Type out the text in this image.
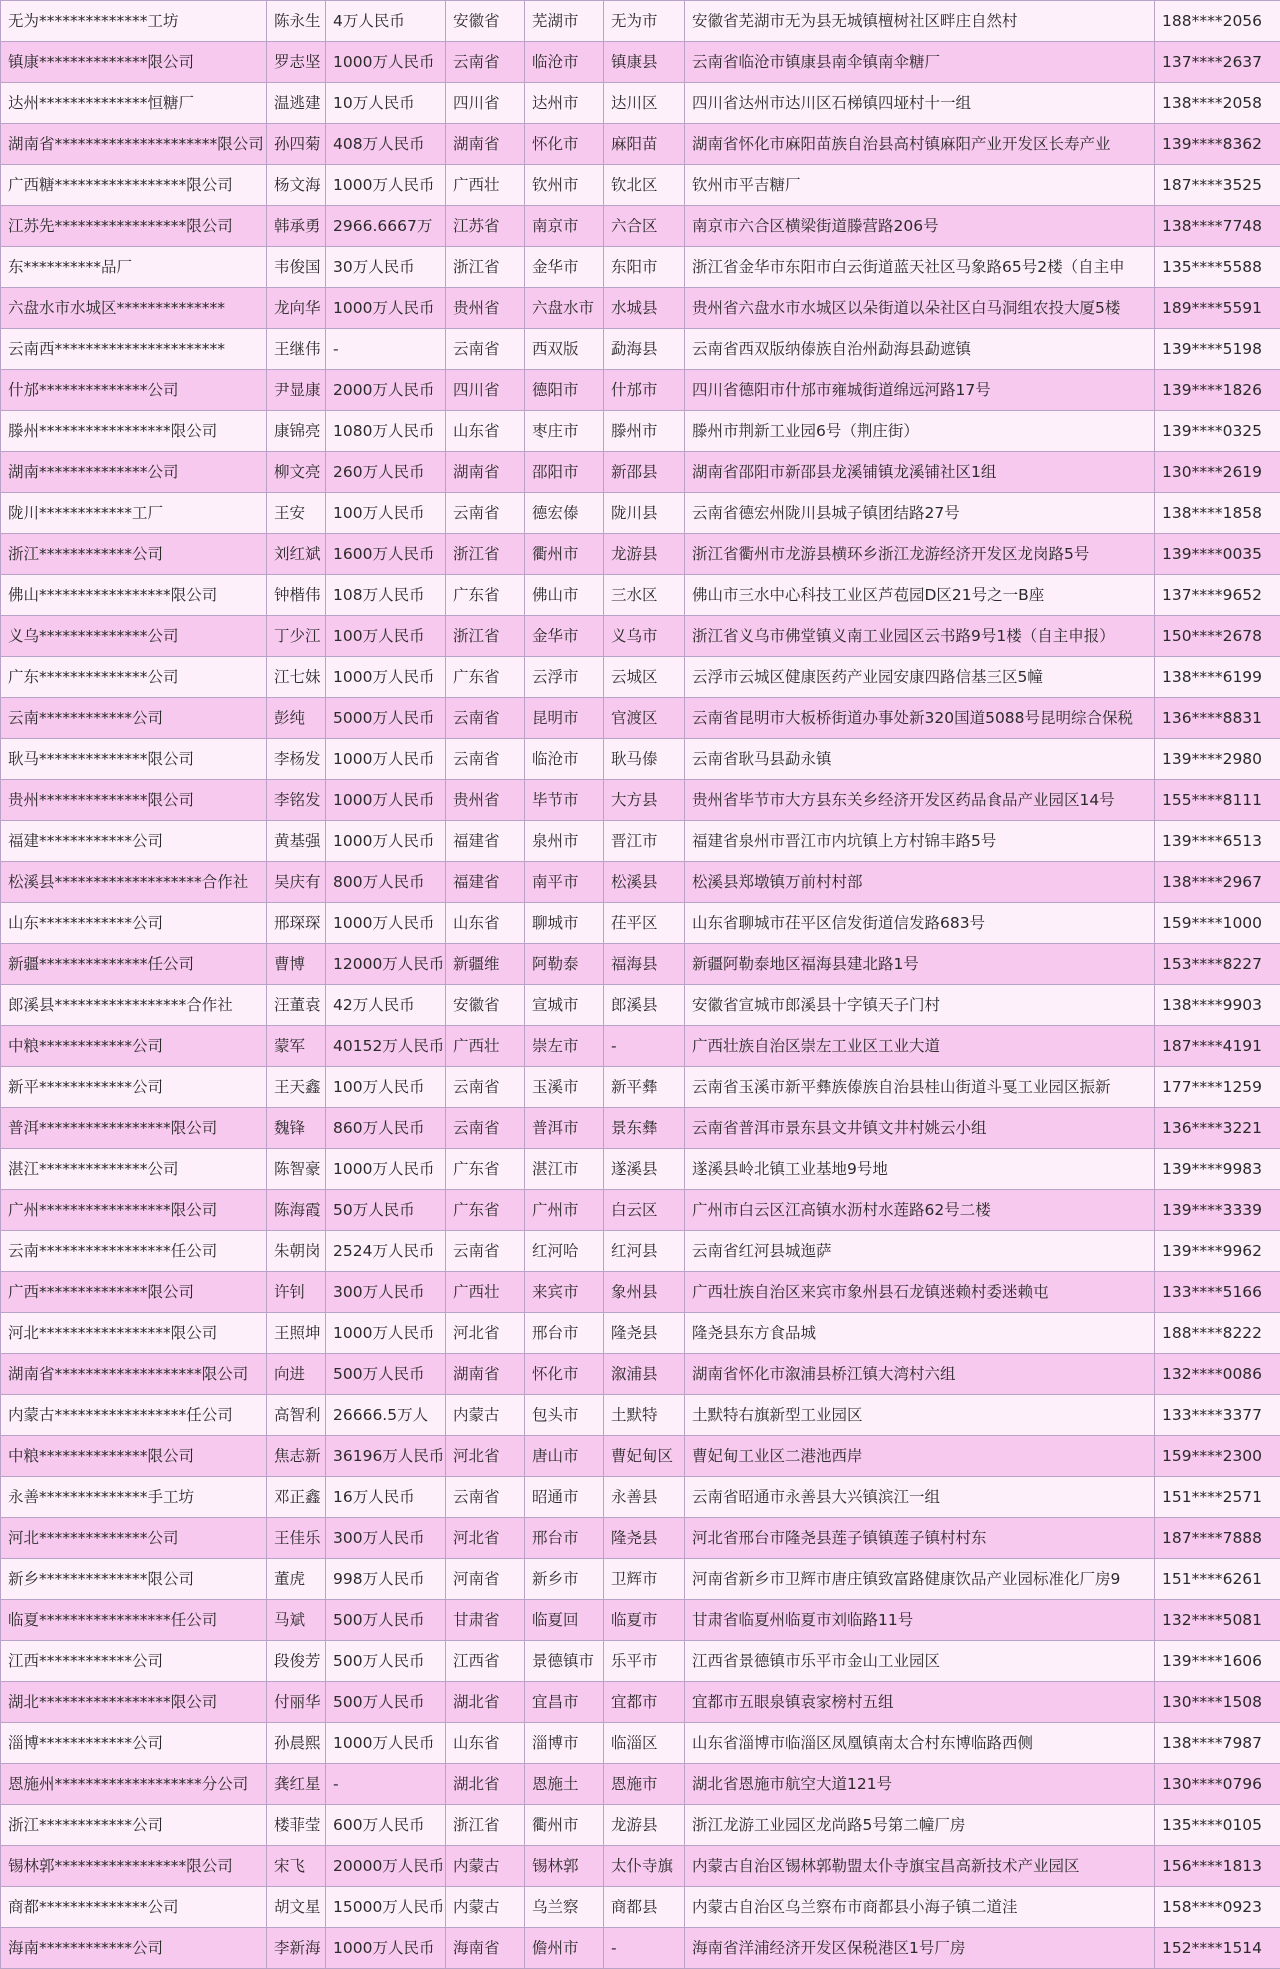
无为**************工坊	陈永生	4万人民币	安徽省	芜湖市	无为市	安徽省芜湖市无为县无城镇檀树社区畔庄自然村	188****2056
镇康**************限公司	罗志坚	1000万人民币	云南省	临沧市	镇康县	云南省临沧市镇康县南伞镇南伞糖厂	137****2637
达州**************恒糖厂	温逃建	10万人民币	四川省	达州市	达川区	四川省达州市达川区石梯镇四垭村十一组	138****2058
湖南省*********************限公司	孙四菊	408万人民币	湖南省	怀化市	麻阳苗	湖南省怀化市麻阳苗族自治县高村镇麻阳产业开发区长寿产业	139****8362
广西糖*****************限公司	杨文海	1000万人民币	广西壮	钦州市	钦北区	钦州市平吉糖厂	187****3525
江苏先*****************限公司	韩承勇	2966.6667万	江苏省	南京市	六合区	南京市六合区横梁街道滕营路206号	138****7748
东**********品厂	韦俊国	30万人民币	浙江省	金华市	东阳市	浙江省金华市东阳市白云街道蓝天社区马象路65号2楼（自主申	135****5588
六盘水市水城区**************	龙向华	1000万人民币	贵州省	六盘水市	水城县	贵州省六盘水市水城区以朵街道以朵社区白马洞组农投大厦5楼	189****5591
云南西**********************	王继伟	-	云南省	西双版	勐海县	云南省西双版纳傣族自治州勐海县勐遮镇	139****5198
什邡**************公司	尹显康	2000万人民币	四川省	德阳市	什邡市	四川省德阳市什邡市雍城街道绵远河路17号	139****1826
滕州*****************限公司	康锦亮	1080万人民币	山东省	枣庄市	滕州市	滕州市荆新工业园6号（荆庄街）	139****0325
湖南**************公司	柳文亮	260万人民币	湖南省	邵阳市	新邵县	湖南省邵阳市新邵县龙溪铺镇龙溪铺社区1组	130****2619
陇川************工厂	王安	100万人民币	云南省	德宏傣	陇川县	云南省德宏州陇川县城子镇团结路27号	138****1858
浙江************公司	刘红斌	1600万人民币	浙江省	衢州市	龙游县	浙江省衢州市龙游县横环乡浙江龙游经济开发区龙岗路5号	139****0035
佛山*****************限公司	钟楷伟	108万人民币	广东省	佛山市	三水区	佛山市三水中心科技工业区芦苞园D区21号之一B座	137****9652
义乌**************公司	丁少江	100万人民币	浙江省	金华市	义乌市	浙江省义乌市佛堂镇义南工业园区云书路9号1楼（自主申报）	150****2678
广东**************公司	江七妹	1000万人民币	广东省	云浮市	云城区	云浮市云城区健康医药产业园安康四路信基三区5幢	138****6199
云南************公司	彭纯	5000万人民币	云南省	昆明市	官渡区	云南省昆明市大板桥街道办事处新320国道5088号昆明综合保税	136****8831
耿马**************限公司	李杨发	1000万人民币	云南省	临沧市	耿马傣	云南省耿马县勐永镇	139****2980
贵州**************限公司	李铭发	1000万人民币	贵州省	毕节市	大方县	贵州省毕节市大方县东关乡经济开发区药品食品产业园区14号	155****8111
福建************公司	黄基强	1000万人民币	福建省	泉州市	晋江市	福建省泉州市晋江市内坑镇上方村锦丰路5号	139****6513
松溪县*******************合作社	吴庆有	800万人民币	福建省	南平市	松溪县	松溪县郑墩镇万前村村部	138****2967
山东************公司	邢琛琛	1000万人民币	山东省	聊城市	茌平区	山东省聊城市茌平区信发街道信发路683号	159****1000
新疆**************任公司	曹博	12000万人民币	新疆维	阿勒泰	福海县	新疆阿勒泰地区福海县建北路1号	153****8227
郎溪县*****************合作社	汪董袁	42万人民币	安徽省	宣城市	郎溪县	安徽省宣城市郎溪县十字镇天子门村	138****9903
中粮************公司	蒙军	40152万人民币	广西壮	崇左市	-	广西壮族自治区崇左工业区工业大道	187****4191
新平************公司	王天鑫	100万人民币	云南省	玉溪市	新平彝	云南省玉溪市新平彝族傣族自治县桂山街道斗戛工业园区振新	177****1259
普洱*****************限公司	魏锋	860万人民币	云南省	普洱市	景东彝	云南省普洱市景东县文井镇文井村姚云小组	136****3221
湛江**************公司	陈智豪	1000万人民币	广东省	湛江市	遂溪县	遂溪县岭北镇工业基地9号地	139****9983
广州*****************限公司	陈海霞	50万人民币	广东省	广州市	白云区	广州市白云区江高镇水沥村水莲路62号二楼	139****3339
云南*****************任公司	朱朝岗	2524万人民币	云南省	红河哈	红河县	云南省红河县城迤萨	139****9962
广西**************限公司	许钊	300万人民币	广西壮	来宾市	象州县	广西壮族自治区来宾市象州县石龙镇迷赖村委迷赖屯	133****5166
河北*****************限公司	王照坤	1000万人民币	河北省	邢台市	隆尧县	隆尧县东方食品城	188****8222
湖南省*******************限公司	向进	500万人民币	湖南省	怀化市	溆浦县	湖南省怀化市溆浦县桥江镇大湾村六组	132****0086
内蒙古*****************任公司	高智利	26666.5万人	内蒙古	包头市	土默特	土默特右旗新型工业园区	133****3377
中粮**************限公司	焦志新	36196万人民币	河北省	唐山市	曹妃甸区	曹妃甸工业区二港池西岸	159****2300
永善**************手工坊	邓正鑫	16万人民币	云南省	昭通市	永善县	云南省昭通市永善县大兴镇滨江一组	151****2571
河北**************公司	王佳乐	300万人民币	河北省	邢台市	隆尧县	河北省邢台市隆尧县莲子镇镇莲子镇村村东	187****7888
新乡**************限公司	董虎	998万人民币	河南省	新乡市	卫辉市	河南省新乡市卫辉市唐庄镇致富路健康饮品产业园标准化厂房9	151****6261
临夏*****************任公司	马斌	500万人民币	甘肃省	临夏回	临夏市	甘肃省临夏州临夏市刘临路11号	132****5081
江西************公司	段俊芳	500万人民币	江西省	景德镇市	乐平市	江西省景德镇市乐平市金山工业园区	139****1606
湖北*****************限公司	付丽华	500万人民币	湖北省	宜昌市	宜都市	宜都市五眼泉镇袁家榜村五组	130****1508
淄博************公司	孙晨熙	1000万人民币	山东省	淄博市	临淄区	山东省淄博市临淄区凤凰镇南太合村东博临路西侧	138****7987
恩施州*******************分公司	龚红星	-	湖北省	恩施土	恩施市	湖北省恩施市航空大道121号	130****0796
浙江************公司	楼菲莹	600万人民币	浙江省	衢州市	龙游县	浙江龙游工业园区龙尚路5号第二幢厂房	135****0105
锡林郭*****************限公司	宋飞	20000万人民币	内蒙古	锡林郭	太仆寺旗	内蒙古自治区锡林郭勒盟太仆寺旗宝昌高新技术产业园区	156****1813
商都**************公司	胡文星	15000万人民币	内蒙古	乌兰察	商都县	内蒙古自治区乌兰察布市商都县小海子镇二道洼	158****0923
海南************公司	李新海	1000万人民币	海南省	儋州市	-	海南省洋浦经济开发区保税港区1号厂房	152****1514
